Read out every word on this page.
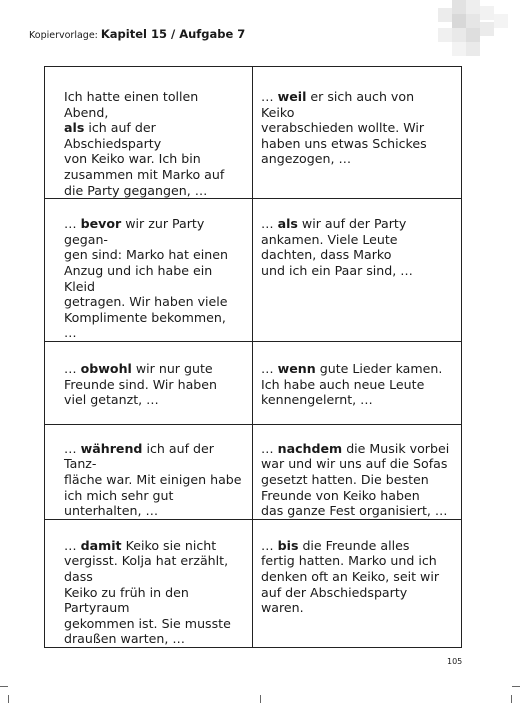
Kopiervorlage: Kapitel 15 / Aufgabe 7
Ich hatte einen tollen Abend,
als ich auf der Abschiedsparty
von Keiko war. Ich bin
zusammen mit Marko auf
die Party gegangen, …
… weil er sich auch von Keiko
verabschieden wollte. Wir
haben uns etwas Schickes
angezogen, …
… bevor wir zur Party gegan-
gen sind: Marko hat einen
Anzug und ich habe ein Kleid
getragen. Wir haben viele
Komplimente bekommen, …
… als wir auf der Party
ankamen. Viele Leute
dachten, dass Marko
und ich ein Paar sind, …
… obwohl wir nur gute
Freunde sind. Wir haben
viel getanzt, …
… wenn gute Lieder kamen.
Ich habe auch neue Leute
kennengelernt, …
… während ich auf der Tanz-
fläche war. Mit einigen habe
ich mich sehr gut unterhalten, …
… nachdem die Musik vorbei
war und wir uns auf die Sofas
gesetzt hatten. Die besten
Freunde von Keiko haben
das ganze Fest organisiert, …
… damit Keiko sie nicht
vergisst. Kolja hat erzählt, dass
Keiko zu früh in den Partyraum
gekommen ist. Sie musste
draußen warten, …
… bis die Freunde alles
fertig hatten. Marko und ich
denken oft an Keiko, seit wir
auf der Abschiedsparty waren.
105
